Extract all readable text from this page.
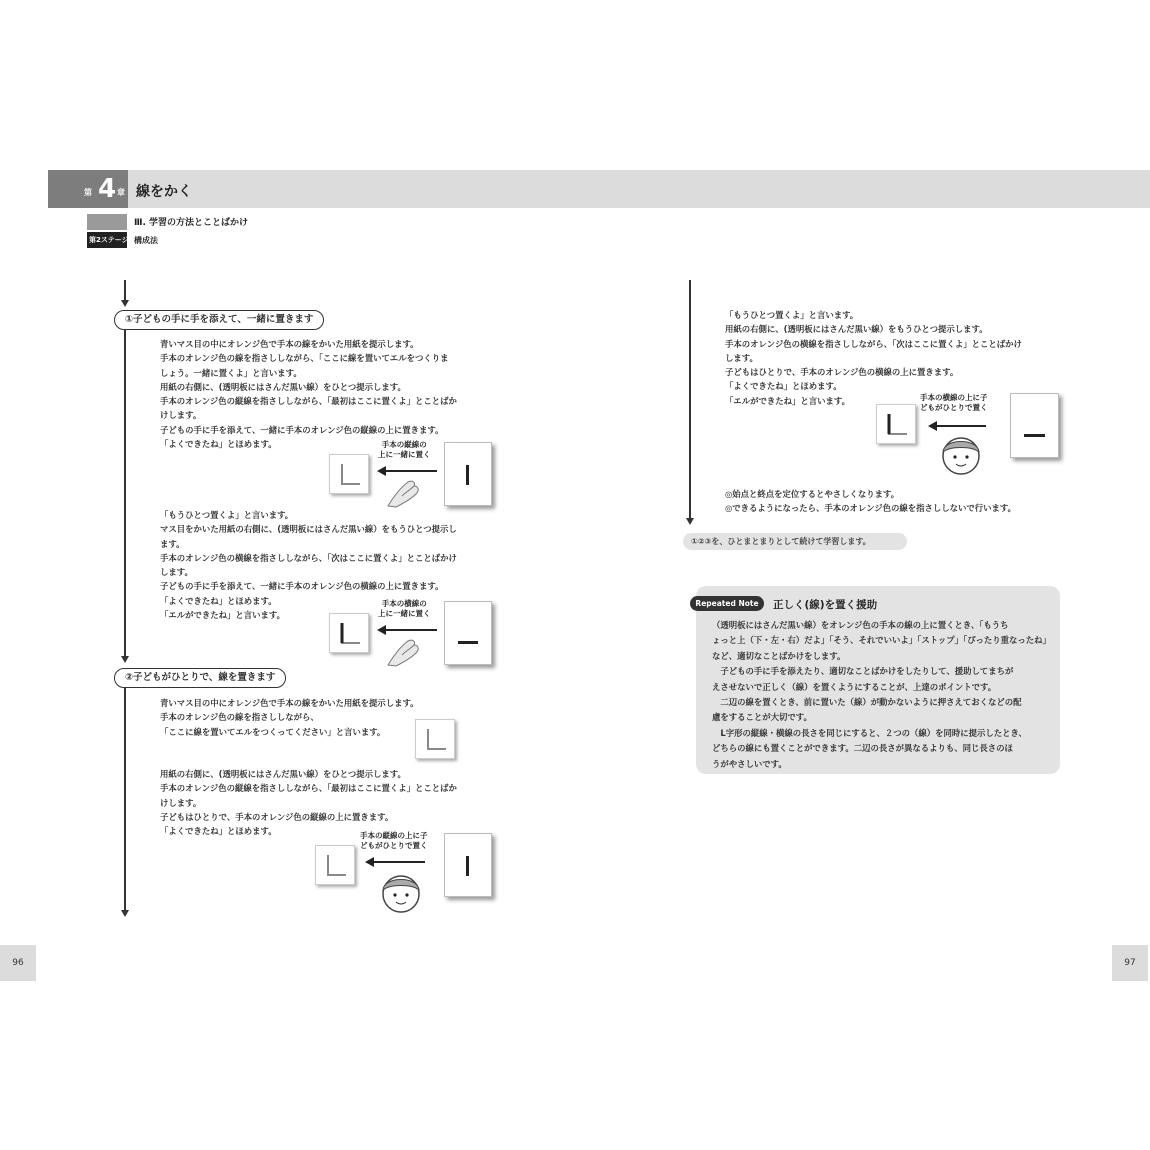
第 4 章 線をかく
Ⅲ. 学習の方法とことばかけ
第2ステージ 構成法
①子どもの手に手を添えて、一緒に置きます
青いマス目の中にオレンジ色で手本の線をかいた用紙を提示します。
手本のオレンジ色の線を指さししながら、「ここに線を置いてエルをつくりま
しょう。一緒に置くよ」と言います。
用紙の右側に、(透明板にはさんだ黒い線）をひとつ提示します。
手本のオレンジ色の縦線を指さししながら、「最初はここに置くよ」とことばか
けします。
子どもの手に手を添えて、一緒に手本のオレンジ色の縦線の上に置きます。
「よくできたね」とほめます。	手本の縦線の
上に一緒に置く
「もうひとつ置くよ」と言います。
マス目をかいた用紙の右側に、(透明板にはさんだ黒い線）をもうひとつ提示し
ます。
手本のオレンジ色の横線を指さししながら、「次はここに置くよ」とことばかけ
します。
子どもの手に手を添えて、一緒に手本のオレンジ色の横線の上に置きます。
「よくできたね」とほめます。
「エルができたね」と言います。
手本の横線の
上に一緒に置く
②子どもがひとりで、線を置きます
青いマス目の中にオレンジ色で手本の線をかいた用紙を提示します。
手本のオレンジ色の線を指さししながら、
「ここに線を置いてエルをつくってください」と言います。
用紙の右側に、(透明板にはさんだ黒い線）をひとつ提示します。
手本のオレンジ色の縦線を指さししながら、「最初はここに置くよ」とことばか
けします。
子どもはひとりで、手本のオレンジ色の縦線の上に置きます。
「よくできたね」とほめます。	手本の縦線の上に子
どもがひとりで置く
96
「もうひとつ置くよ」と言います。
用紙の右側に、(透明板にはさんだ黒い線）をもうひとつ提示します。
手本のオレンジ色の横線を指さししながら、「次はここに置くよ」とことばかけ
します。
子どもはひとりで、手本のオレンジ色の横線の上に置きます。
「よくできたね」とほめます。
「エルができたね」と言います。	手本の横線の上に子
どもがひとりで置く
◎始点と終点を定位するとやさしくなります。
◎できるようになったら、手本のオレンジ色の線を指さししないで行います。
①②③を、ひとまとまりとして続けて学習します。
Repeated Note	正しく(線)を置く援助
（透明板にはさんだ黒い線）をオレンジ色の手本の線の上に置くとき、「もうち
ょっと上（下・左・右）だよ」「そう、それでいいよ」「ストップ」「ぴったり重なったね」
など、適切なことばかけをします。
　子どもの手に手を添えたり、適切なことばかけをしたりして、援助してまちが
えさせないで正しく（線）を置くようにすることが、上達のポイントです。
　二辺の線を置くとき、前に置いた（線）が動かないように押さえておくなどの配
慮をすることが大切です。
　L字形の縦線・横線の長さを同じにすると、２つの（線）を同時に提示したとき、
どちらの線にも置くことができます。二辺の長さが異なるよりも、同じ長さのほ
うがやさしいです。
97
